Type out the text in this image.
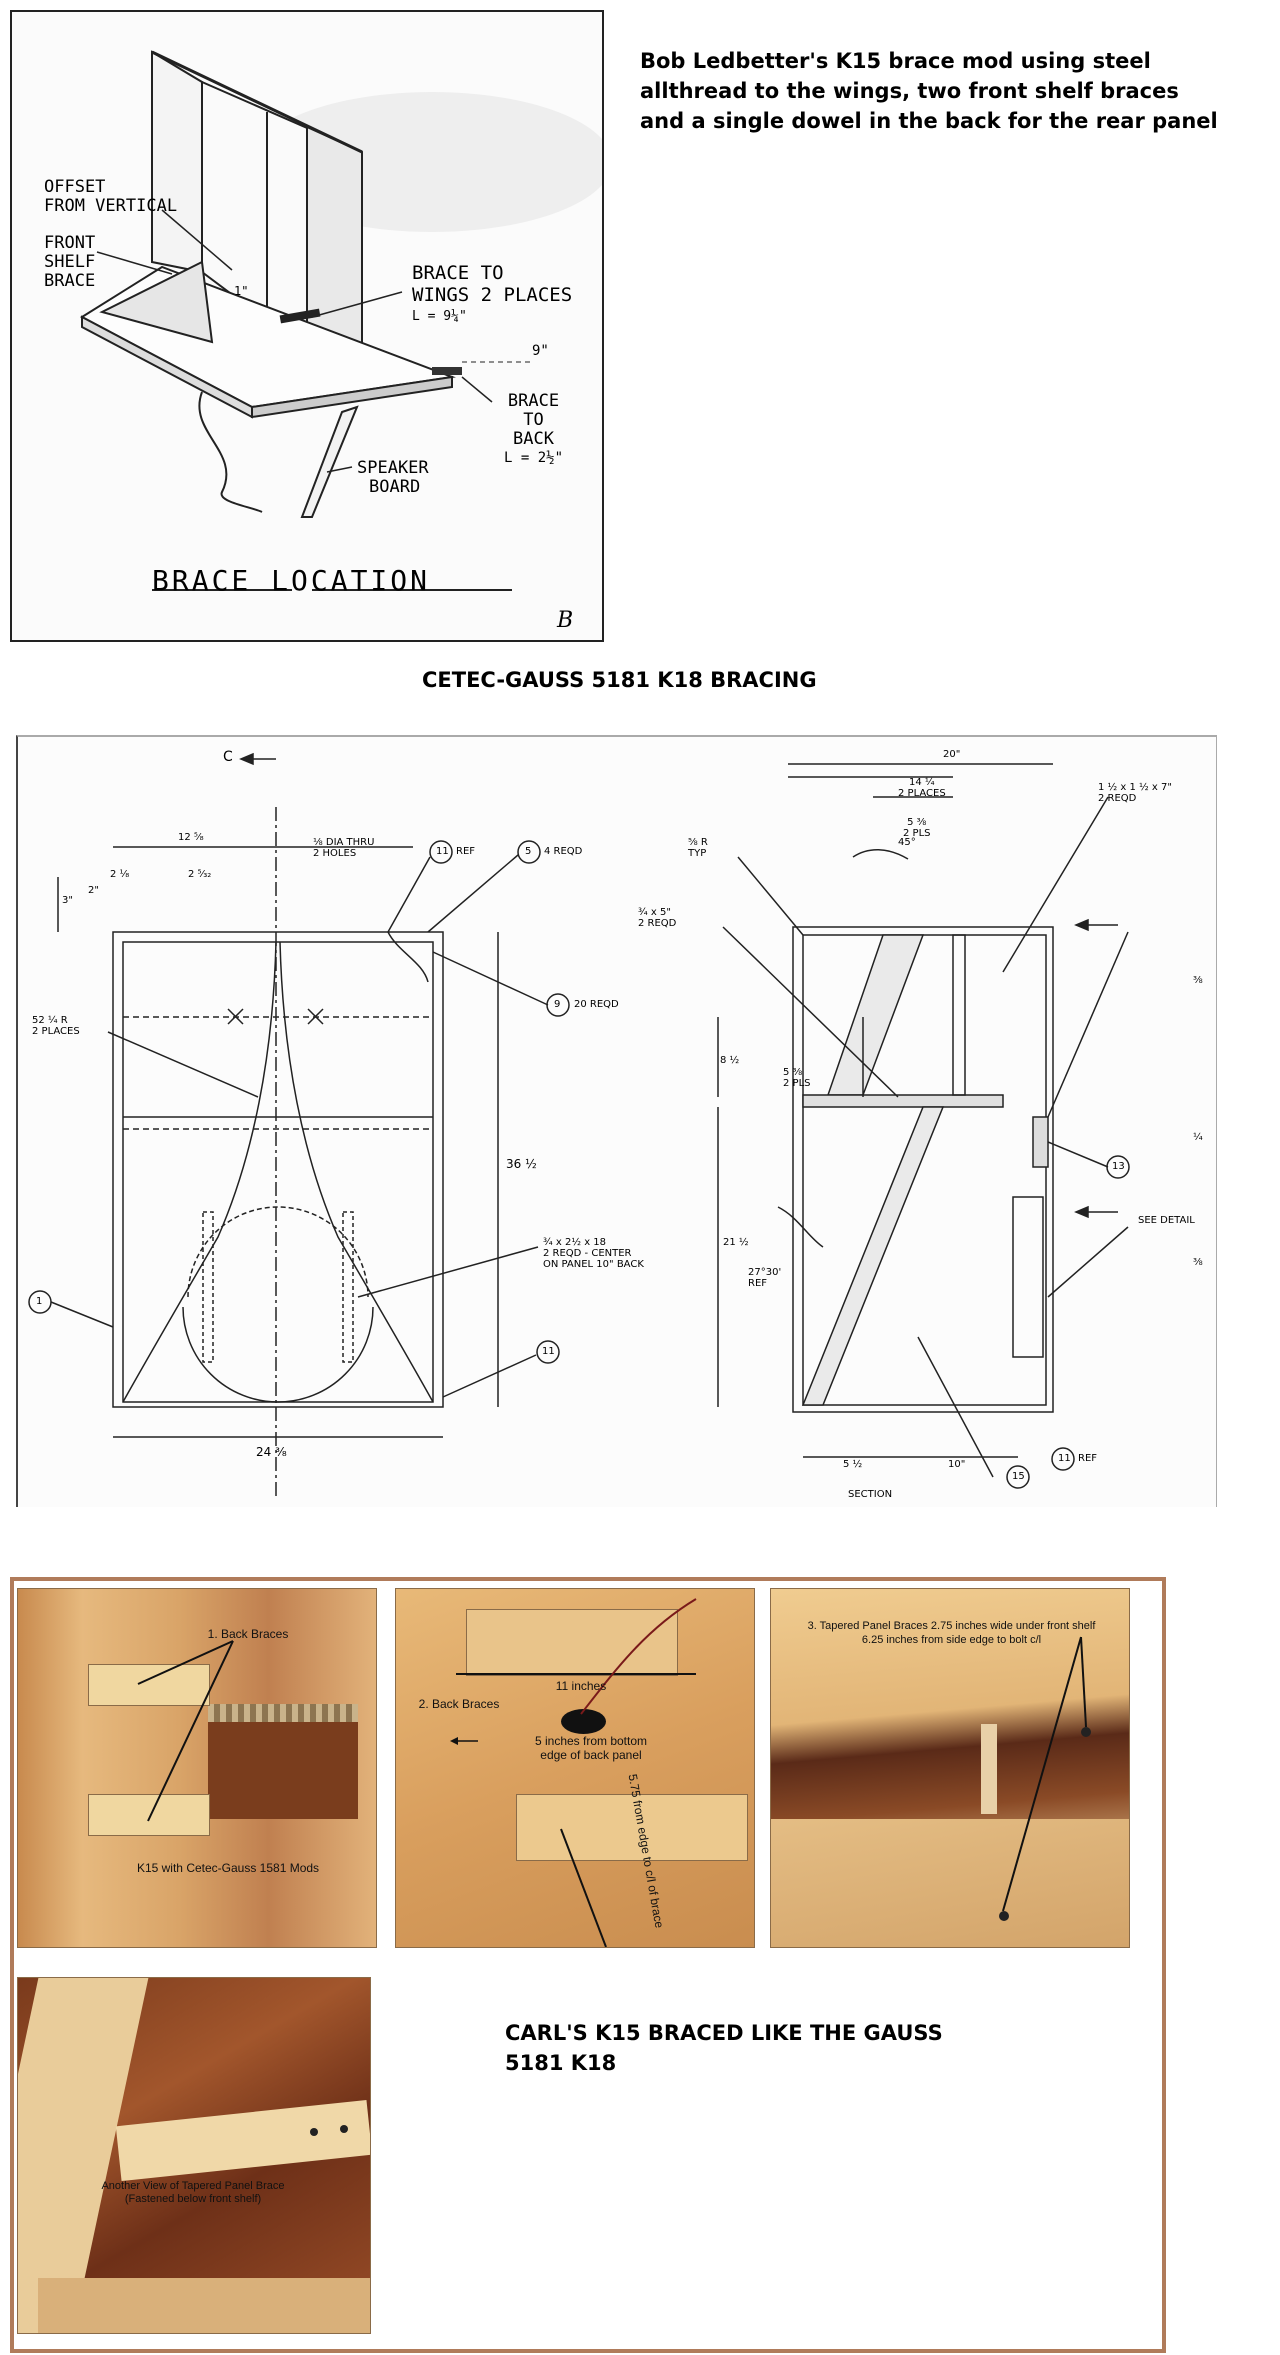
OFFSET
FROM VERTICAL
FRONT
SHELF
BRACE	BRACE TO
WINGS 2 PLACES
L = 9¼"
BRACE
TO
BACK
L = 2½"
SPEAKER
BOARD
1"
9"
BRACE LOCATION
B
Bob Ledbetter's K15 brace mod using steel
allthread to the wings, two front shelf braces
and a single dowel in the back for the rear panel
CETEC-GAUSS 5181 K18 BRACING
C
12 ⁵⁄₈
2 ¹⁄₈	2 ⁵⁄₃₂
3"
2"
⅛ DIA THRU
2 HOLES	11 REF	5 4 REQD
9 20 REQD
52 ¼ R
2 PLACES
36 ½
¾ x 2½ x 18
2 REQD - CENTER
ON PANEL 10" BACK
1
11
24 ³⁄₈
20"
14 ¼
2 PLACES
5 ⅜
2 PLS
45°
1 ½ x 1 ½ x 7"
2 REQD
⅝ R
TYP
¾ x 5"
2 REQD
8 ½
5 ⅜
2 PLS
21 ½
27°30'
REF
13
SEE DETAIL
⅜
¼
⅜
11 REF
15
5 ½	10"
SECTION
1. Back Braces
K15 with Cetec-Gauss 1581 Mods
11 inches
2. Back Braces
5 inches from bottom
edge of back panel
5.75 from edge to c/l of brace
3. Tapered Panel Braces 2.75 inches wide under front shelf
6.25 inches from side edge to bolt c/l
Another View of Tapered Panel Brace
(Fastened below front shelf)
CARL'S K15 BRACED LIKE THE GAUSS
5181 K18
